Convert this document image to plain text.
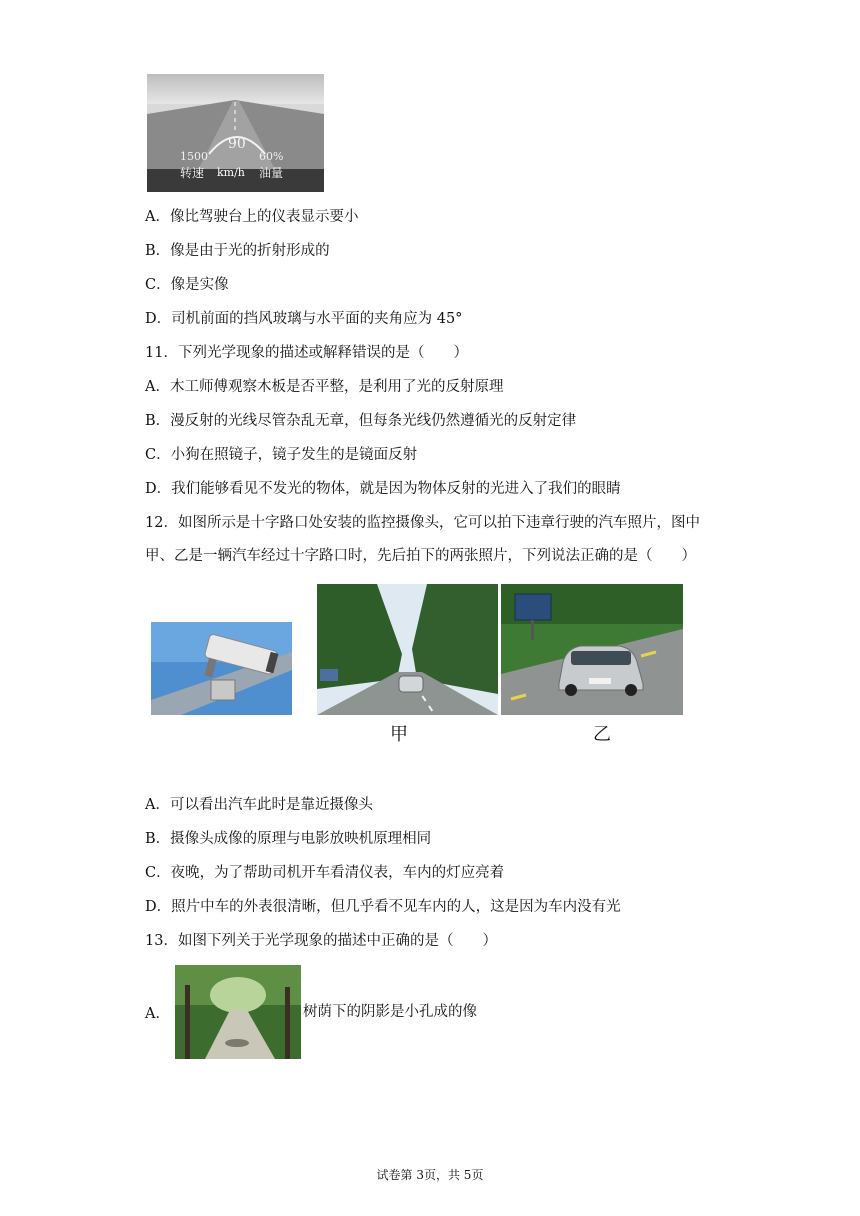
90
1500	60%
转速 km/h 油量
A．像比驾驶台上的仪表显示要小
B．像是由于光的折射形成的
C．像是实像
D．司机前面的挡风玻璃与水平面的夹角应为 45°
11．下列光学现象的描述或解释错误的是（　　）
A．木工师傅观察木板是否平整，是利用了光的反射原理
B．漫反射的光线尽管杂乱无章，但每条光线仍然遵循光的反射定律
C．小狗在照镜子，镜子发生的是镜面反射
D．我们能够看见不发光的物体，就是因为物体反射的光进入了我们的眼睛
12．如图所示是十字路口处安装的监控摄像头，它可以拍下违章行驶的汽车照片，图中
甲、乙是一辆汽车经过十字路口时，先后拍下的两张照片，下列说法正确的是（　　）
甲	乙
A．可以看出汽车此时是靠近摄像头
B．摄像头成像的原理与电影放映机原理相同
C．夜晚，为了帮助司机开车看清仪表，车内的灯应亮着
D．照片中车的外表很清晰，但几乎看不见车内的人，这是因为车内没有光
13．如图下列关于光学现象的描述中正确的是（　　）
A．	树荫下的阴影是小孔成的像
试卷第 3页，共 5页
